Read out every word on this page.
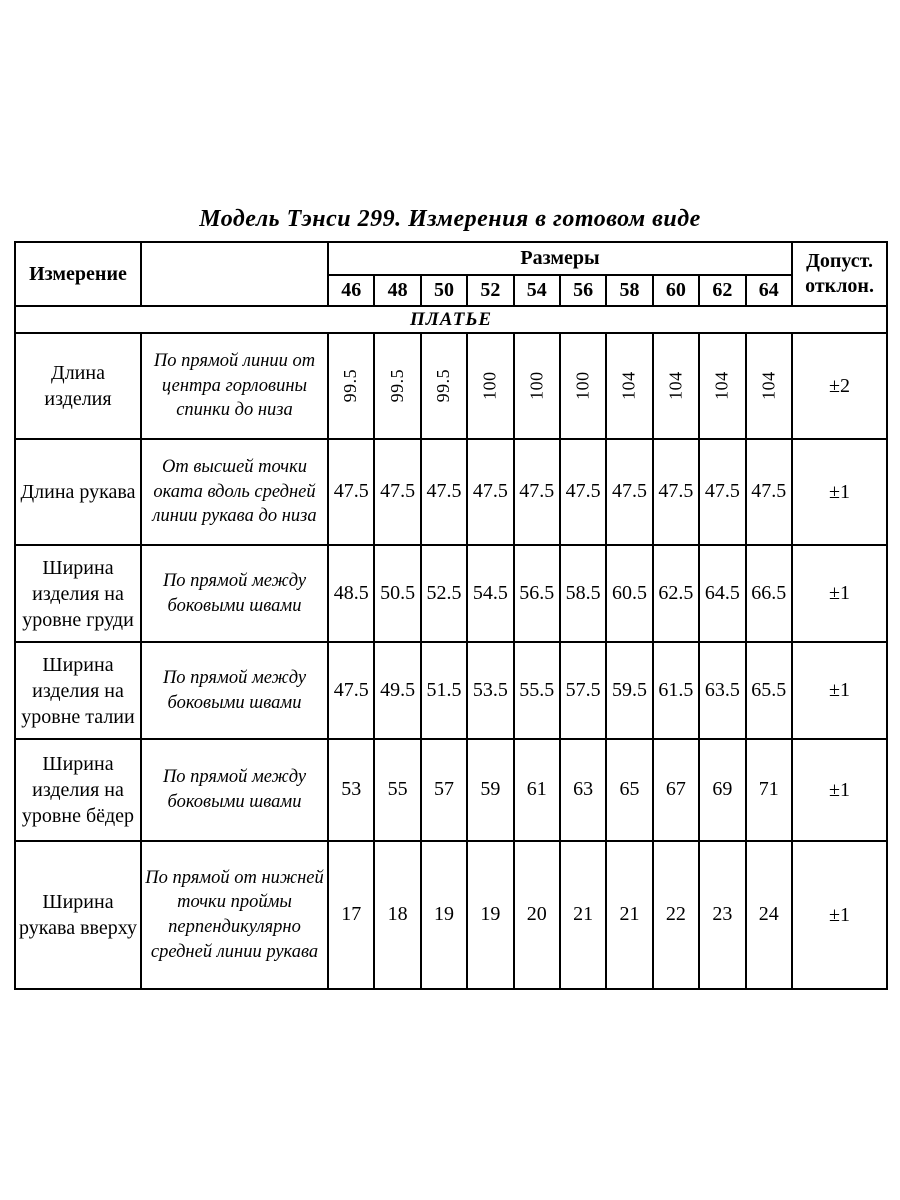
Модель Тэнси 299. Измерения в готовом виде
Измерение		Размеры										Допуст. отклон.
		46	48	50	52	54	56	58	60	62	64	
ПЛАТЬЕ												
Длина изделия	По прямой линии от центра горловины спинки до низа	99.5	99.5	99.5	100	100	100	104	104	104	104	±2
Длина рукава	От высшей точки оката вдоль средней линии рукава до низа	47.5	47.5	47.5	47.5	47.5	47.5	47.5	47.5	47.5	47.5	±1
Ширина изделия на уровне груди	По прямой между боковыми швами	48.5	50.5	52.5	54.5	56.5	58.5	60.5	62.5	64.5	66.5	±1
Ширина изделия на уровне талии	По прямой между боковыми швами	47.5	49.5	51.5	53.5	55.5	57.5	59.5	61.5	63.5	65.5	±1
Ширина изделия на уровне бёдер	По прямой между боковыми швами	53	55	57	59	61	63	65	67	69	71	±1
Ширина рукава вверху	По прямой от нижней точки проймы перпендикулярно средней линии рукава	17	18	19	19	20	21	21	22	23	24	±1
